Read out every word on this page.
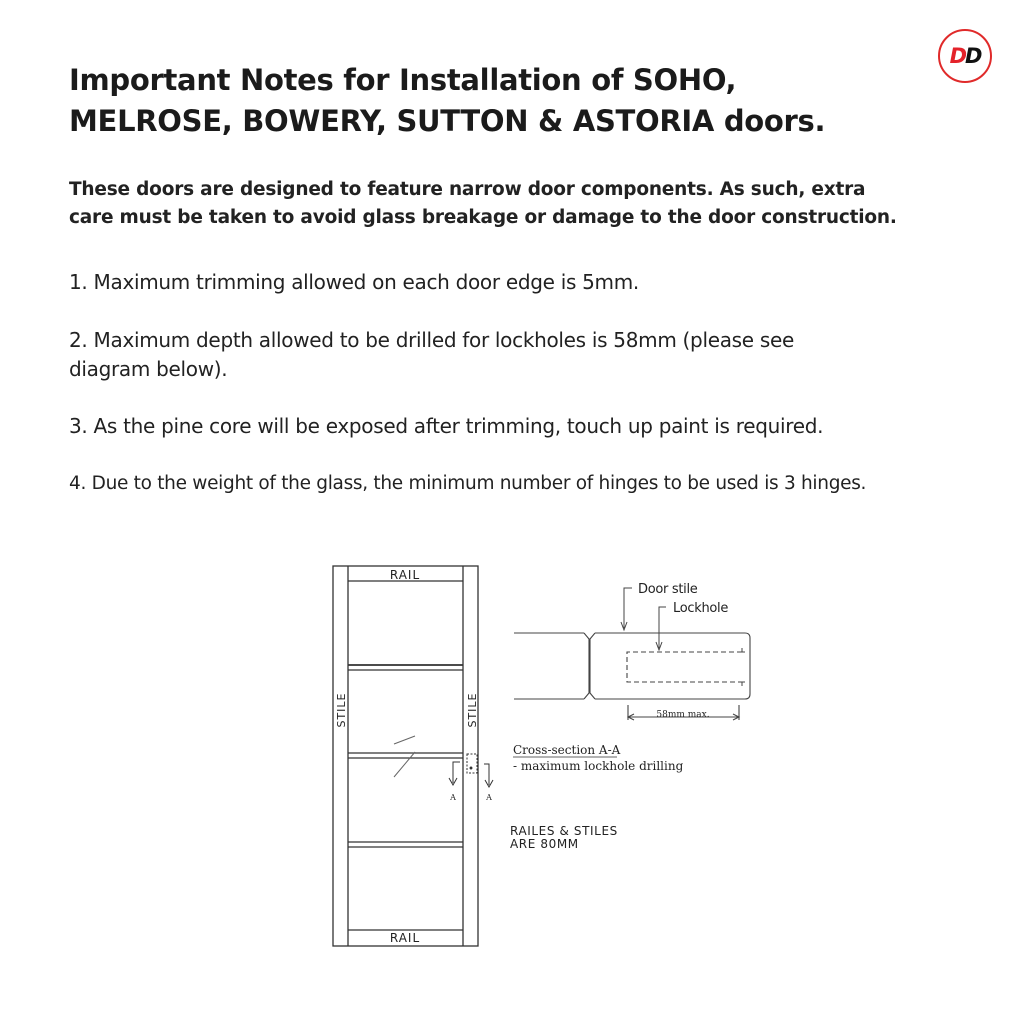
D D
Important Notes for Installation of SOHO,
MELROSE, BOWERY, SUTTON & ASTORIA doors.

These doors are designed to feature narrow door components. As such, extra
care must be taken to avoid glass breakage or damage to the door construction.

1. Maximum trimming allowed on each door edge is 5mm.

2. Maximum depth allowed to be drilled for lockholes is 58mm (please see
diagram below).

3. As the pine core will be exposed after trimming, touch up paint is required.

4. Due to the weight of the glass, the minimum number of hinges to be used is 3 hinges.

RAIL
RAIL
STILE	STILE
A	A
Door stile
Lockhole
58mm max.
Cross-section A-A
- maximum lockhole drilling
RAILES & STILES
ARE 80MM
